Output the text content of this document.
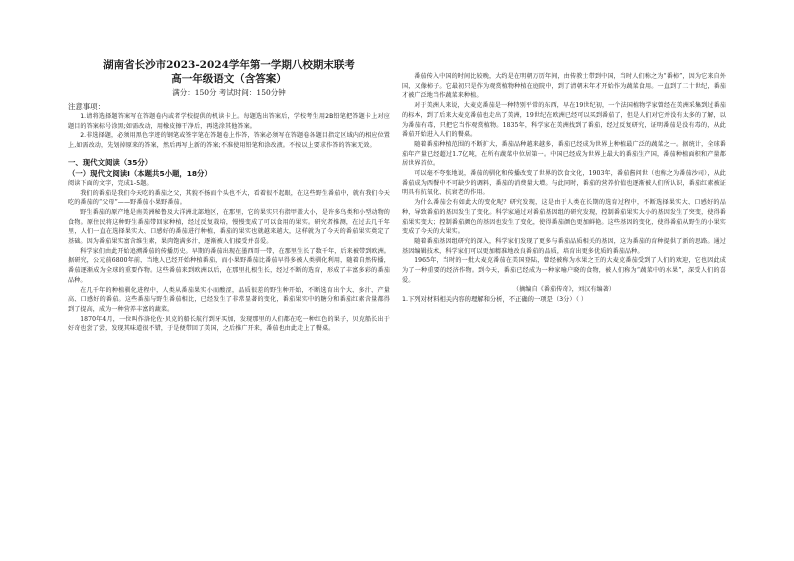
湖南省长沙市2023-2024学年第一学期八校期末联考

高一年级语文（含答案）

满分：150分 考试时间：150分钟

注意事项：

1.请将选择题答案写在答题卷内或者学校提供的机读卡上。每题选出答案后，学校考生用2B铅笔把答题卡上对应题目的答案标号涂黑;如需改动，用橡皮擦干净后，再选涂其他答案。

2.非选择题，必须用黑色字迹的钢笔或签字笔在答题卷上作答，答案必须写在答题卷各题目指定区域内的相应位置上,如需改动，先划掉原来的答案，然后再写上新的答案;不准使用铅笔和涂改液。不按以上要求作答的答案无效。

一、现代文阅读（35分）

（一）现代文阅读Ⅰ（本题共5小题，18分）

阅读下面的文字，完成1-5题。

我们的番茄是我们今天吃的番茄之父，其貌不扬而个头也不大，看着很不起眼，在这些野生番茄中，就有我们今天吃的番茄的“父母”——野番茄小果野番茄。

野生番茄的原产地是南美洲秘鲁及大洋洲北部地区，在那里，它的果实只有指甲盖大小，是许多鸟类和小型动物的食物。原住民将这种野生番茄带回家种植，经过反复栽培，慢慢变成了可以食用的果实。研究者推测，在过去几千年里，人们一直在选择果实大、口感好的番茄进行种植，番茄的果实也就越来越大，这样就为了今天的番茄果实奠定了基础。因为番茄果实富含维生素，果肉饱满多汁，逐渐被人们接受并喜爱。

科学家们由此开始追溯番茄的传播历史。早期的番茄出现在墨西哥一带，在那里生长了数千年，后来被带到欧洲。据研究，公元前6800年前，当地人已经开始种植番茄，而小果野番茄比番茄早得多被人类驯化利用，随着自然传播，番茄逐渐成为全球的重要作物。这些番茄来到欧洲以后，在那里扎根生长，经过不断的选育，形成了丰富多彩的番茄品种。

在几千年的种植驯化进程中，人类从番茄果实小而酸涩，品质很差的野生种开始，不断选育出个大、多汁、产量高、口感好的番茄。这些番茄与野生番茄相比，已经发生了非常显著的变化，番茄果实中的糖分和番茄红素含量都得到了提高，成为一种营养丰富的蔬菜。

1870年4月，一位叫作洛伦佐·贝克的船长航行到牙买加，发现那里的人们都在吃一种红色的果子，贝克船长出于好奇也尝了尝，发现其味道很不错，于是便带回了美国，之后推广开来，番茄也由此走上了餐桌。

番茄传入中国的时间比较晚，大约是在明朝万历年间，由传教士带到中国，当时人们称之为“番柿”，因为它来自外国，又像柿子。它最初只是作为观赏植物种植在庭院中，到了清朝末年才开始作为蔬菜食用。一直到了二十世纪，番茄才被广泛地当作蔬菜来种植。

对于美洲人来说，大麦克番茄是一种特别平常的东西，早在19世纪初，一个法国植物学家曾经在美洲采集到过番茄的标本，到了后来大麦克番茄也走出了美洲，19世纪在欧洲已经可以买到番茄了，但是人们对它并没有太多的了解，以为番茄有毒，只把它当作观赏植物。1835年，科学家在美洲找到了番茄，经过反复研究，证明番茄是没有毒的，从此番茄开始进入人们的餐桌。

随着番茄种植范围的不断扩大，番茄品种越来越多，番茄已经成为世界上种植最广泛的蔬菜之一。据统计，全球番茄年产量已经超过1.7亿吨，在所有蔬菜中位居第一。中国已经成为世界上最大的番茄生产国，番茄种植面积和产量都居世界首位。

可以毫不夸张地说，番茄的驯化和传播改变了世界的饮食文化，1903年，番茄酱问世（也称之为番茄沙司），从此番茄成为西餐中不可缺少的调料，番茄的消费量大增。与此同时，番茄的营养价值也逐渐被人们所认识，番茄红素被证明具有抗氧化、抗衰老的作用。

为什么番茄会有如此大的变化呢？研究发现，这是由于人类在长期的选育过程中，不断选择果实大、口感好的品种，导致番茄的基因发生了变化。科学家通过对番茄基因组的研究发现，控制番茄果实大小的基因发生了突变，使得番茄果实变大；控制番茄颜色的基因也发生了变化，使得番茄颜色更加鲜艳。这些基因的变化，使得番茄从野生的小果实变成了今天的大果实。

随着番茄基因组研究的深入，科学家们发现了更多与番茄品质相关的基因，这为番茄的育种提供了新的思路。通过基因编辑技术，科学家们可以更加精准地改良番茄的品质，培育出更多优质的番茄品种。

1965年，当时的一批大麦克番茄在美国登陆，曾经被称为水果之王的大麦克番茄受到了人们的欢迎，它也因此成为了一种重要的经济作物。到今天，番茄已经成为一种家喻户晓的食物，被人们称为“蔬菜中的水果”，深受人们的喜爱。

（摘编自《番茄传奇》，刘汉有编著）

1.下列对材料相关内容的理解和分析，不正确的一项是（3分）（ ）
